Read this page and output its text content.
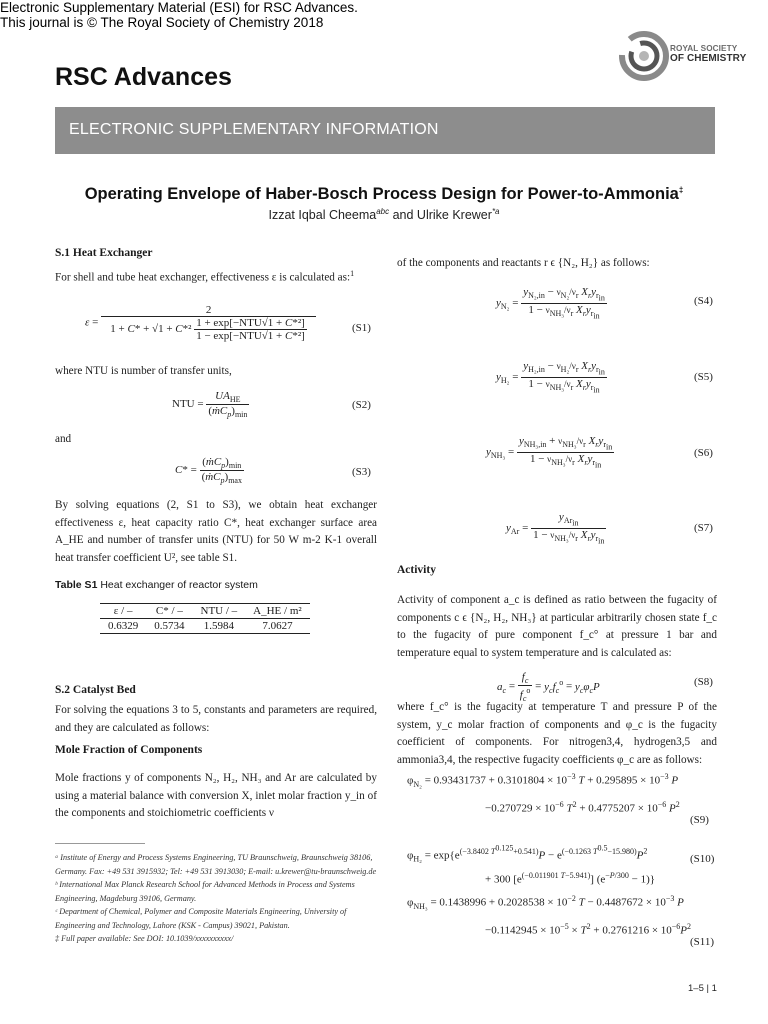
Electronic Supplementary Material (ESI) for RSC Advances.
This journal is © The Royal Society of Chemistry 2018
RSC Advances
ROYAL SOCIETY
OF CHEMISTRY
ELECTRONIC SUPPLEMENTARY INFORMATION
Operating Envelope of Haber-Bosch Process Design for Power-to-Ammonia‡
Izzat Iqbal Cheema$^{abc}$ and Ulrike Krewer$^{*a}$
S.1 Heat Exchanger
For shell and tube heat exchanger, effectiveness ε is calculated as:$^1$
$\varepsilon = \frac{2}{1 + C* + √1 + C*^2 \frac{\text{1 + exp[−NTU√1 + C*²]}}{\text{1 − exp[−NTU√1 + C*²]}}}$	(S1)
where NTU is number of transfer units,
NTU = $\frac{UA_{HE}}{(ṁC_p)_{min}}$	(S2)
and
$C* = \frac{(ṁC_p)_{min}}{(ṁC_p)_{max}}$	(S3)
By solving equations (2, S1 to S3), we obtain heat exchanger effectiveness ε, heat capacity ratio C*, heat exchanger surface area A_HE and number of transfer units (NTU) for 50 W m-2 K-1 overall heat transfer coefficient U², see table S1.
Table S1 Heat exchanger of reactor system
ε / –	C* / –	NTU / –	A_HE / m²
0.6329	0.5734	1.5984	7.0627
S.2 Catalyst Bed
For solving the equations 3 to 5, constants and parameters are required, and they are calculated as follows:
Mole Fraction of Components
Mole fractions y of components N₂, H₂, NH₃ and Ar are calculated by using a material balance with conversion X, inlet molar fraction y_in of the components and stoichiometric coefficients ν
ᵃ Institute of Energy and Process Systems Engineering, TU Braunschweig, Braunschweig 38106, Germany. Fax: +49 531 3915932; Tel: +49 531 3913030; E-mail: u.krewer@tu-braunschweig.de
ᵇ International Max Planck Research School for Advanced Methods in Process and Systems Engineering, Magdeburg 39106, Germany.
ᶜ Department of Chemical, Polymer and Composite Materials Engineering, University of Engineering and Technology, Lahore (KSK - Campus) 39021, Pakistan.
‡ Full paper available: See DOI: 10.1039/xxxxxxxxxx/
of the components and reactants r ϵ {N₂, H₂} as follows:
$y_{N_2} = \frac{y_{N_2,in} - \nu_{N_2}/\nu_r X_ry_{r_{in}}}{1 - \nu_{NH_3}/\nu_r X_ry_{r_{in}}}$	(S4)
$y_{H_2} = \frac{y_{H_2,in} - \nu_{H_2}/\nu_r X_ry_{r_{in}}}{1 - \nu_{NH_3}/\nu_r X_ry_{r_{in}}}$	(S5)
$y_{NH_3} = \frac{y_{NH_3,in} + \nu_{NH_3}/\nu_r X_ry_{r_{in}}}{1 - \nu_{NH_3}/\nu_r X_ry_{r_{in}}}$	(S6)
$y_{Ar} = \frac{y_{Ar_{in}}}{1 - \nu_{NH_3}/\nu_r X_ry_{r_{in}}}$	(S7)
Activity
Activity of component a_c is defined as ratio between the fugacity of components c ϵ {N₂, H₂, NH₃} at particular arbitrarily chosen state f_c to the fugacity of pure component f_c° at pressure 1 bar and temperature equal to system temperature and is calculated as:
$a_c = \frac{f_c}{f_c^o} = y_cf_c^o = y_c\varphi_cP$	(S8)
where f_c° is the fugacity at temperature T and pressure P of the system, y_c molar fraction of components and φ_c is the fugacity coefficient of components. For nitrogen3,4, hydrogen3,5 and ammonia3,4, the respective fugacity coefficients φ_c are as follows:
$\varphi_{N_2} = 0.93431737 + 0.3101804 \times 10^{-3}$ $T + 0.295895 \times 10^{-3}$ P
$-0.270729 \times 10^{-6}$ $T^2 + 0.4775207 \times 10^{-6}$ $P^2$
(S9)
$\varphi_{H_2} = \exp\{e^{(-3.8402 T^{0.125}+0.541)}P - e^{(-0.1263 T^{0.5}-15.980)}P^2$
(S10)
+ 300 $[e^{(-0.011901 T-5.941)}] (e^{-P/300} - 1)$}
$\varphi_{NH_3} = 0.1438996 + 0.2028538 \times 10^{-2}$ $T - 0.4487672 \times 10^{-3}$ P
$-0.1142945 \times 10^{-5} \times T^2 + 0.2761216 \times 10^{-6}P^2$
(S11)
1–5 | 1
